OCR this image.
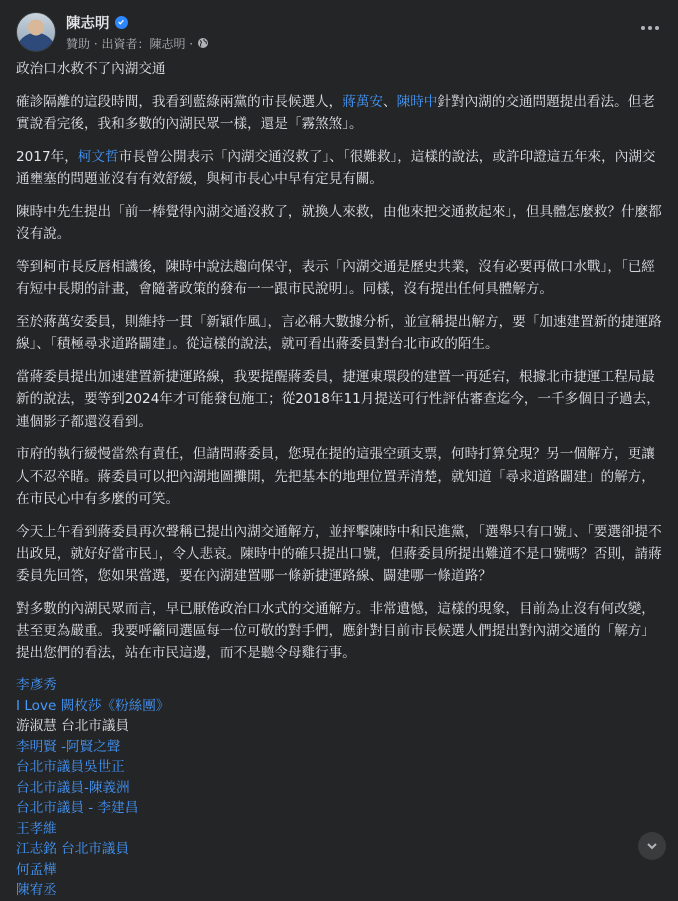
陳志明
贊助 · 出資者：陳志明 ·
政治口水救不了內湖交通
確診隔離的這段時間，我看到藍綠兩黨的市長候選人，蔣萬安、陳時中針對內湖的交通問題提出看法。但老實說看完後，我和多數的內湖民眾一樣，還是「霧煞煞」。
2017年，柯文哲市長曾公開表示「內湖交通沒救了」、「很難救」，這樣的說法，或許印證這五年來，內湖交通壅塞的問題並沒有有效舒緩，與柯市長心中早有定見有關。
陳時中先生提出「前一棒覺得內湖交通沒救了，就換人來救，由他來把交通救起來」，但具體怎麼救？什麼都沒有說。
等到柯市長反唇相譏後，陳時中說法趨向保守，表示「內湖交通是歷史共業，沒有必要再做口水戰」，「已經有短中長期的計畫，會隨著政策的發布一一跟市民說明」。同樣，沒有提出任何具體解方。
至於蔣萬安委員，則維持一貫「新穎作風」，言必稱大數據分析，並宣稱提出解方，要「加速建置新的捷運路線」、「積極尋求道路闢建」。從這樣的說法，就可看出蔣委員對台北市政的陌生。
當蔣委員提出加速建置新捷運路線，我要提醒蔣委員，捷運東環段的建置一再延宕，根據北市捷運工程局最新的說法，要等到2024年才可能發包施工；從2018年11月提送可行性評估審查迄今，一千多個日子過去，連個影子都還沒看到。
市府的執行緩慢當然有責任，但請問蔣委員，您現在提的這張空頭支票，何時打算兌現？另一個解方，更讓人不忍卒睹。蔣委員可以把內湖地圖攤開，先把基本的地理位置弄清楚，就知道「尋求道路闢建」的解方，在市民心中有多麼的可笑。
今天上午看到蔣委員再次聲稱已提出內湖交通解方，並抨擊陳時中和民進黨，「選舉只有口號」、「要選卻提不出政見，就好好當市民」，令人悲哀。陳時中的確只提出口號，但蔣委員所提出難道不是口號嗎？否則，請蔣委員先回答，您如果當選，要在內湖建置哪一條新捷運路線、闢建哪一條道路？
對多數的內湖民眾而言，早已厭倦政治口水式的交通解方。非常遺憾，這樣的現象，目前為止沒有何改變，甚至更為嚴重。我要呼籲同選區每一位可敬的對手們，應針對目前市長候選人們提出對內湖交通的「解方」提出您們的看法，站在市民這邊，而不是聽令母雞行事。
李彥秀
I Love 闕枚莎《粉絲團》
游淑慧 台北市議員
李明賢 -阿賢之聲
台北市議員吳世正
台北市議員-陳義洲
台北市議員 - 李建昌
王孝維
江志銘 台北市議員
何孟樺
陳宥丞
